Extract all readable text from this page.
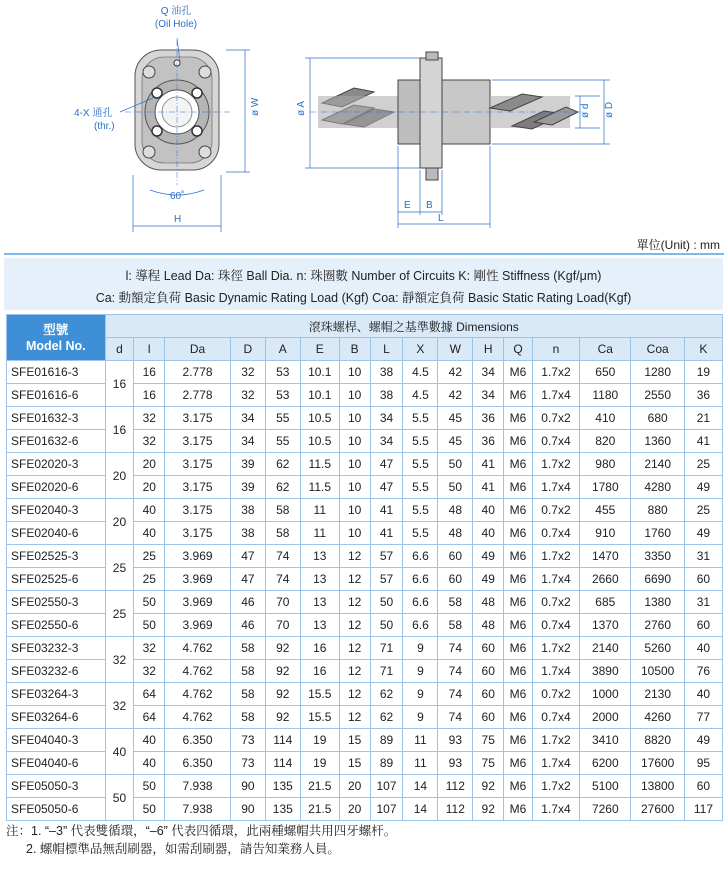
Q 油孔
(Oil Hole)
4-X 通孔
(thr.)
60˚
H
ø W	ø A
E B
L
ø d ø D
單位(Unit) : mm
l: 導程 Lead Da: 珠徑 Ball Dia. n: 珠圈數 Number of Circuits K: 剛性 Stiffness (Kgf/μm)
Ca: 動額定負荷 Basic Dynamic Rating Load (Kgf) Coa: 靜額定負荷 Basic Static Rating Load(Kgf)
型號
Model No.	滾珠螺桿、螺帽之基準數據 Dimensions															
	d	l	Da	D	A	E	B	L	X	W	H	Q	n	Ca	Coa	K
SFE01616-3	16	16	2.778	32	53	10.1	10	38	4.5	42	34	M6	1.7x2	650	1280	19
SFE01616-6		16	2.778	32	53	10.1	10	38	4.5	42	34	M6	1.7x4	1180	2550	36
SFE01632-3	16	32	3.175	34	55	10.5	10	34	5.5	45	36	M6	0.7x2	410	680	21
SFE01632-6		32	3.175	34	55	10.5	10	34	5.5	45	36	M6	0.7x4	820	1360	41
SFE02020-3	20	20	3.175	39	62	11.5	10	47	5.5	50	41	M6	1.7x2	980	2140	25
SFE02020-6		20	3.175	39	62	11.5	10	47	5.5	50	41	M6	1.7x4	1780	4280	49
SFE02040-3	20	40	3.175	38	58	11	10	41	5.5	48	40	M6	0.7x2	455	880	25
SFE02040-6		40	3.175	38	58	11	10	41	5.5	48	40	M6	0.7x4	910	1760	49
SFE02525-3	25	25	3.969	47	74	13	12	57	6.6	60	49	M6	1.7x2	1470	3350	31
SFE02525-6		25	3.969	47	74	13	12	57	6.6	60	49	M6	1.7x4	2660	6690	60
SFE02550-3	25	50	3.969	46	70	13	12	50	6.6	58	48	M6	0.7x2	685	1380	31
SFE02550-6		50	3.969	46	70	13	12	50	6.6	58	48	M6	0.7x4	1370	2760	60
SFE03232-3	32	32	4.762	58	92	16	12	71	9	74	60	M6	1.7x2	2140	5260	40
SFE03232-6		32	4.762	58	92	16	12	71	9	74	60	M6	1.7x4	3890	10500	76
SFE03264-3	32	64	4.762	58	92	15.5	12	62	9	74	60	M6	0.7x2	1000	2130	40
SFE03264-6		64	4.762	58	92	15.5	12	62	9	74	60	M6	0.7x4	2000	4260	77
SFE04040-3	40	40	6.350	73	114	19	15	89	11	93	75	M6	1.7x2	3410	8820	49
SFE04040-6		40	6.350	73	114	19	15	89	11	93	75	M6	1.7x4	6200	17600	95
SFE05050-3	50	50	7.938	90	135	21.5	20	107	14	112	92	M6	1.7x2	5100	13800	60
SFE05050-6		50	7.938	90	135	21.5	20	107	14	112	92	M6	1.7x4	7260	27600	117
注：1. “–3” 代表雙循環，“–6” 代表四循環，此兩種螺帽共用四牙螺杆。
2. 螺帽標準品無刮刷器，如需刮刷器，請告知業務人員。
